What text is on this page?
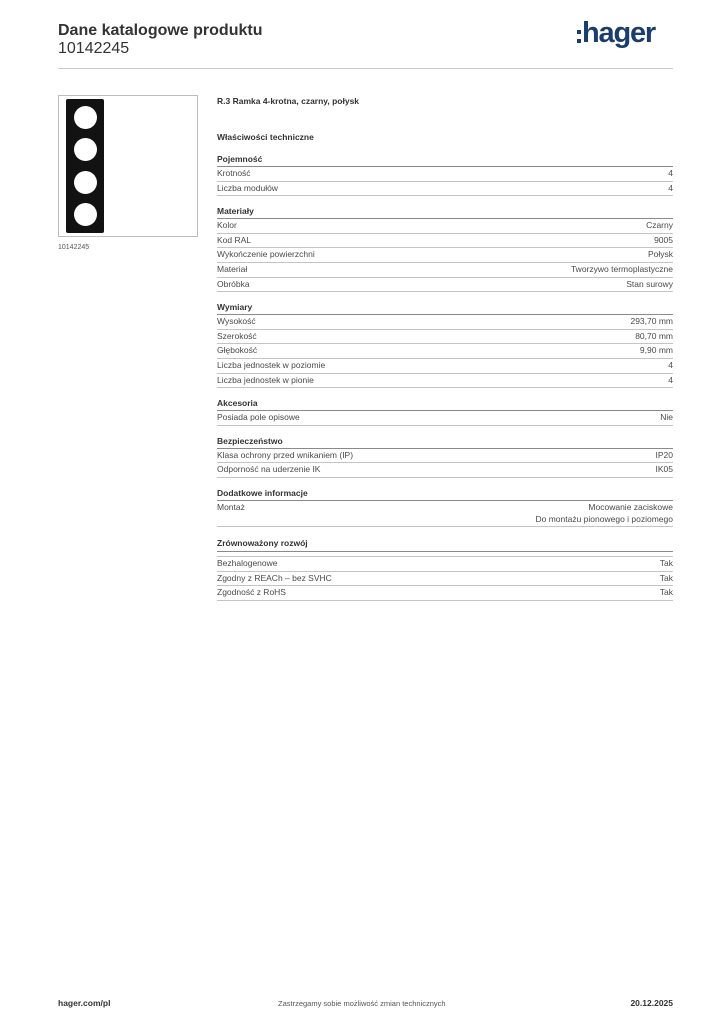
Dane katalogowe produktu
10142245	hager
10142245
R.3 Ramka 4-krotna, czarny, połysk
Właściwości techniczne
Pojemność
Krotność	4
Liczba modułów	4
Materiały
Kolor	Czarny
Kod RAL	9005
Wykończenie powierzchni	Połysk
Materiał	Tworzywo termoplastyczne
Obróbka	Stan surowy
Wymiary
Wysokość	293,70 mm
Szerokość	80,70 mm
Głębokość	9,90 mm
Liczba jednostek w poziomie	4
Liczba jednostek w pionie	4
Akcesoria
Posiada pole opisowe	Nie
Bezpieczeństwo
Klasa ochrony przed wnikaniem (IP)	IP20
Odporność na uderzenie IK	IK05
Dodatkowe informacje
Montaż	Mocowanie zaciskowe
Do montażu pionowego i poziomego
Zrównoważony rozwój
Bezhalogenowe	Tak
Zgodny z REACh – bez SVHC	Tak
Zgodność z RoHS	Tak
hager.com/pl	Zastrzegamy sobie możliwość zmian technicznych	20.12.2025
